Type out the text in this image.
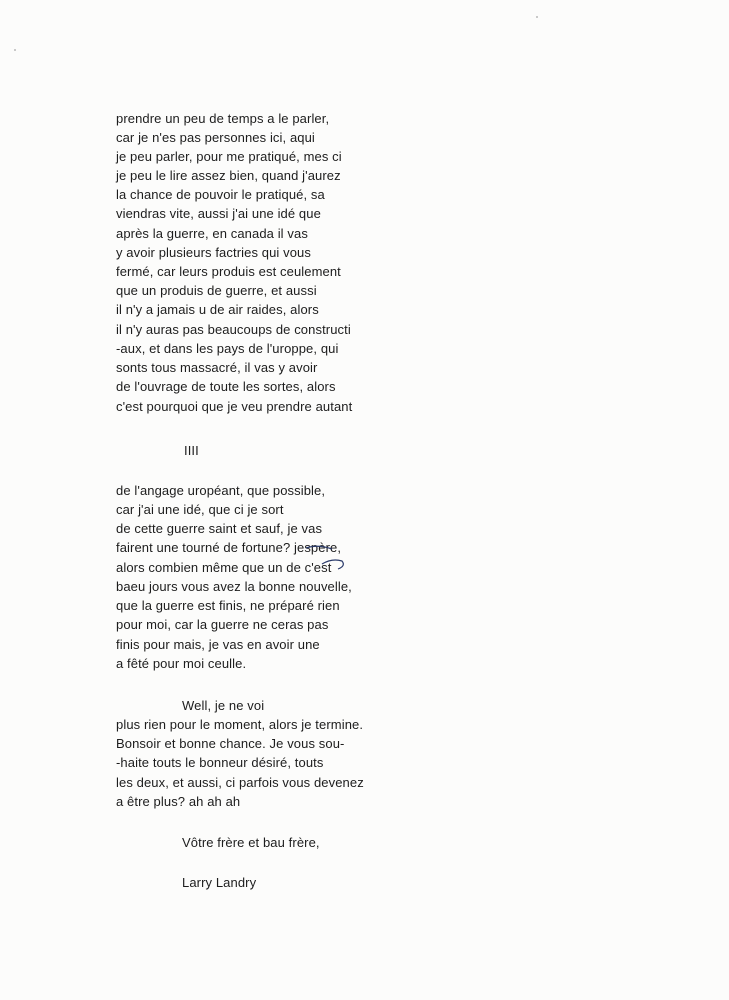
prendre un peu de temps a le parler,
car je n'es pas personnes ici, aqui
je peu parler, pour me pratiqué, mes ci
je peu le lire assez bien, quand j'aurez
la chance de pouvoir le pratiqué, sa
viendras vite, aussi j'ai une idé que
après la guerre, en canada il vas
y avoir plusieurs factries qui vous
fermé, car leurs produis est ceulement
que un produis de guerre, et aussi
il n'y a jamais u de air raides, alors
il n'y auras pas beaucoups de constructi
-aux, et dans les pays de l'uroppe, qui
sonts tous massacré, il vas y avoir
de l'ouvrage de toute les sortes, alors
c'est pourquoi que je veu prendre autant
IIII
de l'angage uropéant, que possible,
car j'ai une idé, que ci je sort
de cette guerre saint et sauf, je vas
fairent une tourné de fortune? jespère,
alors combien même que un de c'est
baeu jours vous avez la bonne nouvelle,
que la guerre est finis, ne préparé rien
pour moi, car la guerre ne ceras pas
finis pour mais, je vas en avoir une
a fêté pour moi ceulle.
Well, je ne voi
plus rien pour le moment, alors je termine.
Bonsoir et bonne chance. Je vous sou-
-haite touts le bonneur désiré, touts
les deux, et aussi, ci parfois vous devenez
a être plus? ah ah ah
Vôtre frère et bau frère,
Larry Landry
